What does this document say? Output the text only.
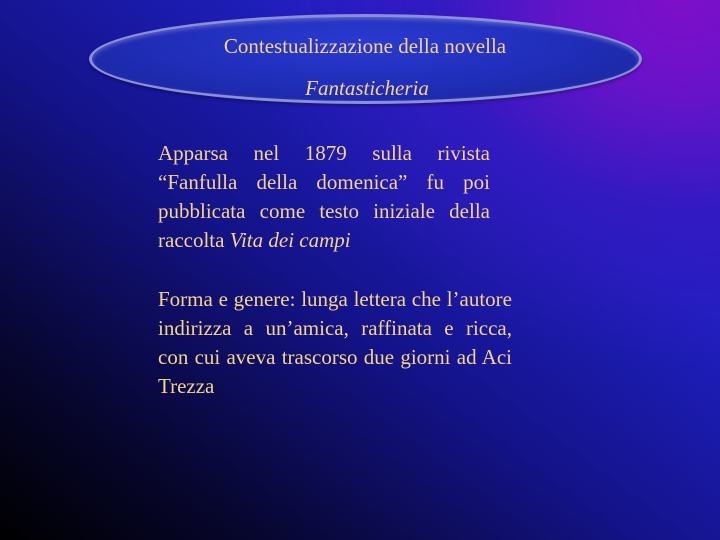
Contestualizzazione della novella
Fantasticheria
Apparsa nel 1879 sulla rivista “Fanfulla della domenica” fu poi pubblicata come testo iniziale della raccolta Vita dei campi
Forma e genere: lunga lettera che l’autore indirizza a un’amica, raffinata e ricca, con cui aveva trascorso due giorni ad Aci Trezza
